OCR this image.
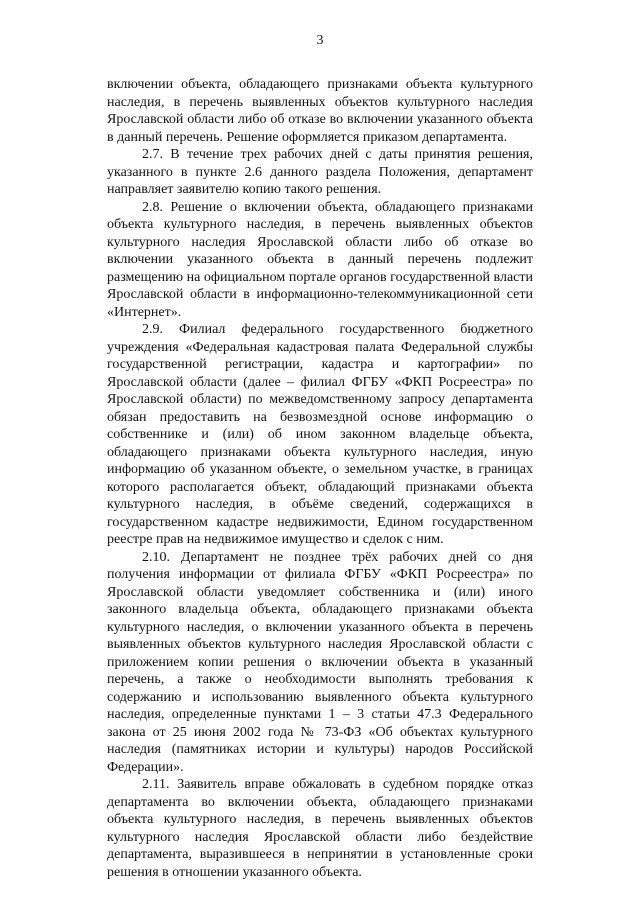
3

включении объекта, обладающего признаками объекта культурного наследия, в перечень выявленных объектов культурного наследия Ярославской области либо об отказе во включении указанного объекта в данный перечень. Решение оформляется приказом департамента.

2.7. В течение трех рабочих дней с даты принятия решения, указанного в пункте 2.6 данного раздела Положения, департамент направляет заявителю копию такого решения.

2.8. Решение о включении объекта, обладающего признаками объекта культурного наследия, в перечень выявленных объектов культурного наследия Ярославской области либо об отказе во включении указанного объекта в данный перечень подлежит размещению на официальном портале органов государственной власти Ярославской области в информационно-телекоммуникационной сети «Интернет».

2.9. Филиал федерального государственного бюджетного учреждения «Федеральная кадастровая палата Федеральной службы государственной регистрации, кадастра и картографии» по Ярославской области (далее – филиал ФГБУ «ФКП Росреестра» по Ярославской области) по межведомственному запросу департамента обязан предоставить на безвозмездной основе информацию о собственнике и (или) об ином законном владельце объекта, обладающего признаками объекта культурного наследия, иную информацию об указанном объекте, о земельном участке, в границах которого располагается объект, обладающий признаками объекта культурного наследия, в объёме сведений, содержащихся в государственном кадастре недвижимости, Едином государственном реестре прав на недвижимое имущество и сделок с ним.

2.10. Департамент не позднее трёх рабочих дней со дня получения информации от филиала ФГБУ «ФКП Росреестра» по Ярославской области уведомляет собственника и (или) иного законного владельца объекта, обладающего признаками объекта культурного наследия, о включении указанного объекта в перечень выявленных объектов культурного наследия Ярославской области с приложением копии решения о включении объекта в указанный перечень, а также о необходимости выполнять требования к содержанию и использованию выявленного объекта культурного наследия, определенные пунктами 1 – 3 статьи 47.3 Федерального закона от 25 июня 2002 года № 73-ФЗ «Об объектах культурного наследия (памятниках истории и культуры) народов Российской Федерации».

2.11. Заявитель вправе обжаловать в судебном порядке отказ департамента во включении объекта, обладающего признаками объекта культурного наследия, в перечень выявленных объектов культурного наследия Ярославской области либо бездействие департамента, выразившееся в непринятии в установленные сроки решения в отношении указанного объекта.
